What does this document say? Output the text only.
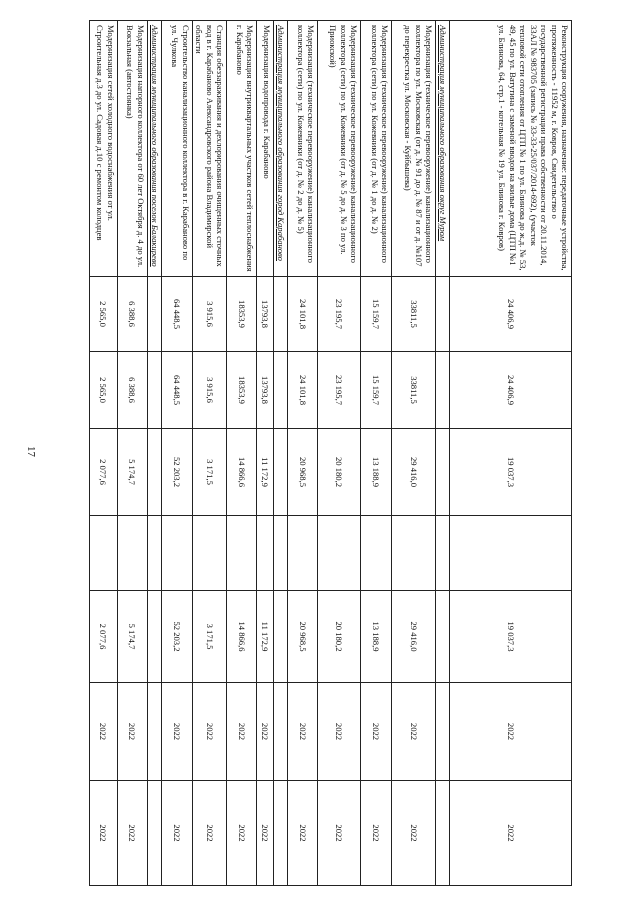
17
Реконструкция сооружения, назначение: передаточные устройства, протяженность - 11952 м, г. Ковров, Свидетельство о государственной регистрации права собственности от 20.11.2014, 33АЛ № 983705 (запись № 33-33-25/037/2014-692), (участок тепловой сети отопления от ЦТП № 1 по ул. Блинова до ж.д. № 53, 49, 45 по ул. Ватутина с заменой вводов на жилые дома (ЦТП №1 ул. Блинова, 64, стр.1 - котельная № 19 ул. Блинова г. Ковров)	24 406,9	24 406,9	19 037,3		19 037,3	2022	2022
Администрация муниципального образования округ Муром							
Модернизация (техническое перевооружение) канализационного коллектора по ул. Московская (от д. № 91 до д. № 87 и от д. №107 до перекрестка ул. Московская - Куйбышева)	33811,5	33811,5	29 416,0		29 416,0	2022	2022
Модернизация (техническое перевооружение) канализационного коллектора (сети) по ул. Кожевники (от д. № 1 до д. № 2)	15 159,7	15 159,7	13 188,9		13 188,9	2022	2022
Модернизация (техническое перевооружение) канализационного коллектора (сети) по ул. Кожевники (от д. № 5 до д. № 3 по ул. Приокской)	23 195,7	23 195,7	20 180,2		20 180,2	2022	2022
Модернизация (техническое перевооружение) канализационного коллектора (сети) по ул. Кожевники (от д. № 2 до д. № 5)	24 101,8	24 101,8	20 968,5		20 968,5	2022	2022
Администрация муниципального образования город Карабаново							
Модернизация водопровода г. Карабаново	13793,8	13793,8	11 172,9		11 172,9	2022	2022
Модернизация внутриквартальных участков сетей теплоснабжения г. Карабаново	18353,9	18353,9	14 866,6		14 866,6	2022	2022
Станция обеззараживания и дехлорирования очищенных сточных вод в г. Карабаново Александровского района Владимирской области	3 915,6	3 915,6	3 171,5		3 171,5	2022	2022
Строительство канализационного коллектора в г. Карабаново по ул. Чулкова	64 448,5	64 448,5	52 203,2		52 203,2	2022	2022
Администрация муниципального образования поселок Балакирево							
Модернизация напорного коллектора от 60 лет Октября д. 4 до ул. Вокзальная (автостоянка)	6 388,6	6 388,6	5 174,7		5 174,7	2022	2022
Модернизация сетей холодного водоснабжения от ул. Строительная д.3 до ул. Садовая д.10 с ремонтом колодцев	2 565,0	2 565,0	2 077,6		2 077,6	2022	2022
